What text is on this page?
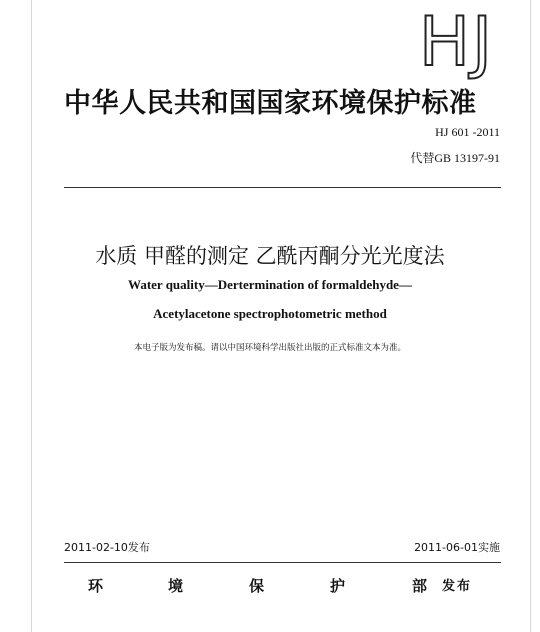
HJ
中华人民共和国国家环境保护标准
HJ 601 -2011
代替GB 13197-91
水质 甲醛的测定 乙酰丙酮分光光度法
Water quality—Dertermination of formaldehyde—
Acetylacetone spectrophotometric method
本电子版为发布稿。请以中国环境科学出版社出版的正式标准文本为准。
2011-02-10发布	2011-06-01实施
环	境	保	护	部 发布
